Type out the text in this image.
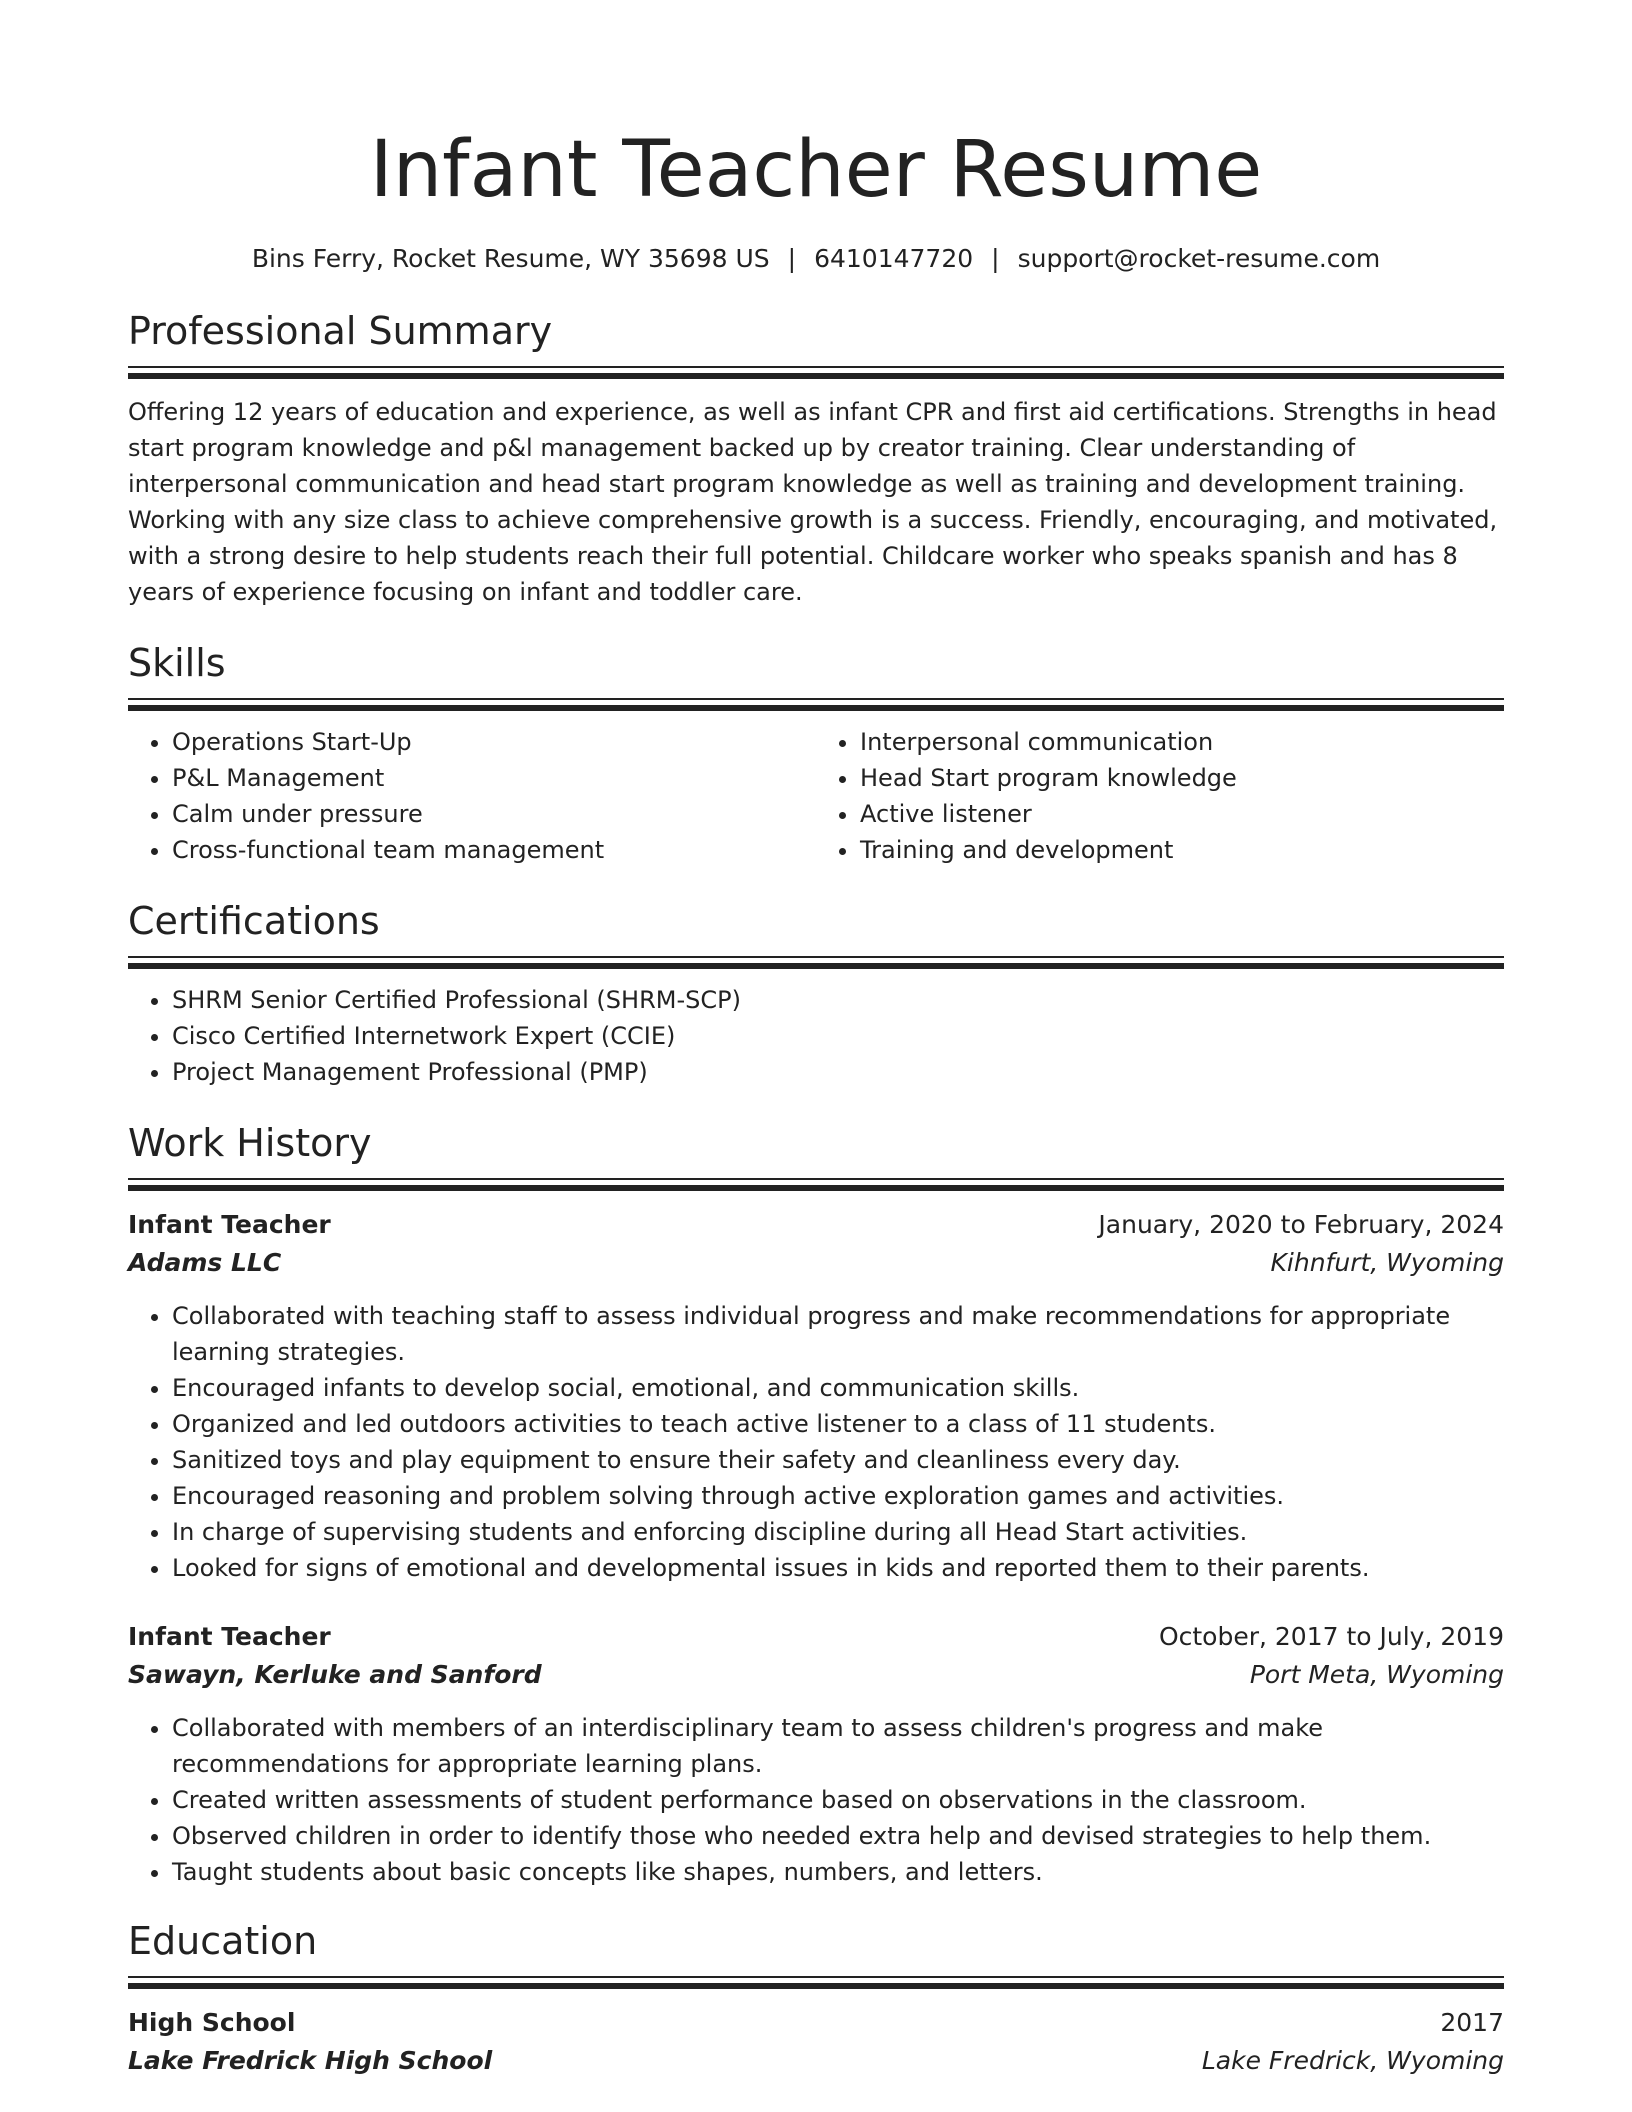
Infant Teacher Resume
Bins Ferry, Rocket Resume, WY 35698 US | 6410147720 | support@rocket-resume.com
Professional Summary
Offering 12 years of education and experience, as well as infant CPR and first aid certifications. Strengths in head start program knowledge and p&l management backed up by creator training. Clear understanding of interpersonal communication and head start program knowledge as well as training and development training. Working with any size class to achieve comprehensive growth is a success. Friendly, encouraging, and motivated, with a strong desire to help students reach their full potential. Childcare worker who speaks spanish and has 8 years of experience focusing on infant and toddler care.
Skills
• Operations Start-Up
• P&L Management
• Calm under pressure
• Cross-functional team management
• Interpersonal communication
• Head Start program knowledge
• Active listener
• Training and development
Certifications
• SHRM Senior Certified Professional (SHRM-SCP)
• Cisco Certified Internetwork Expert (CCIE)
• Project Management Professional (PMP)
Work History
Infant Teacher	January, 2020 to February, 2024
Adams LLC	Kihnfurt, Wyoming
• Collaborated with teaching staff to assess individual progress and make recommendations for appropriate learning strategies.
• Encouraged infants to develop social, emotional, and communication skills.
• Organized and led outdoors activities to teach active listener to a class of 11 students.
• Sanitized toys and play equipment to ensure their safety and cleanliness every day.
• Encouraged reasoning and problem solving through active exploration games and activities.
• In charge of supervising students and enforcing discipline during all Head Start activities.
• Looked for signs of emotional and developmental issues in kids and reported them to their parents.
Infant Teacher	October, 2017 to July, 2019
Sawayn, Kerluke and Sanford	Port Meta, Wyoming
• Collaborated with members of an interdisciplinary team to assess children's progress and make recommendations for appropriate learning plans.
• Created written assessments of student performance based on observations in the classroom.
• Observed children in order to identify those who needed extra help and devised strategies to help them.
• Taught students about basic concepts like shapes, numbers, and letters.
Education
High School	2017
Lake Fredrick High School	Lake Fredrick, Wyoming
